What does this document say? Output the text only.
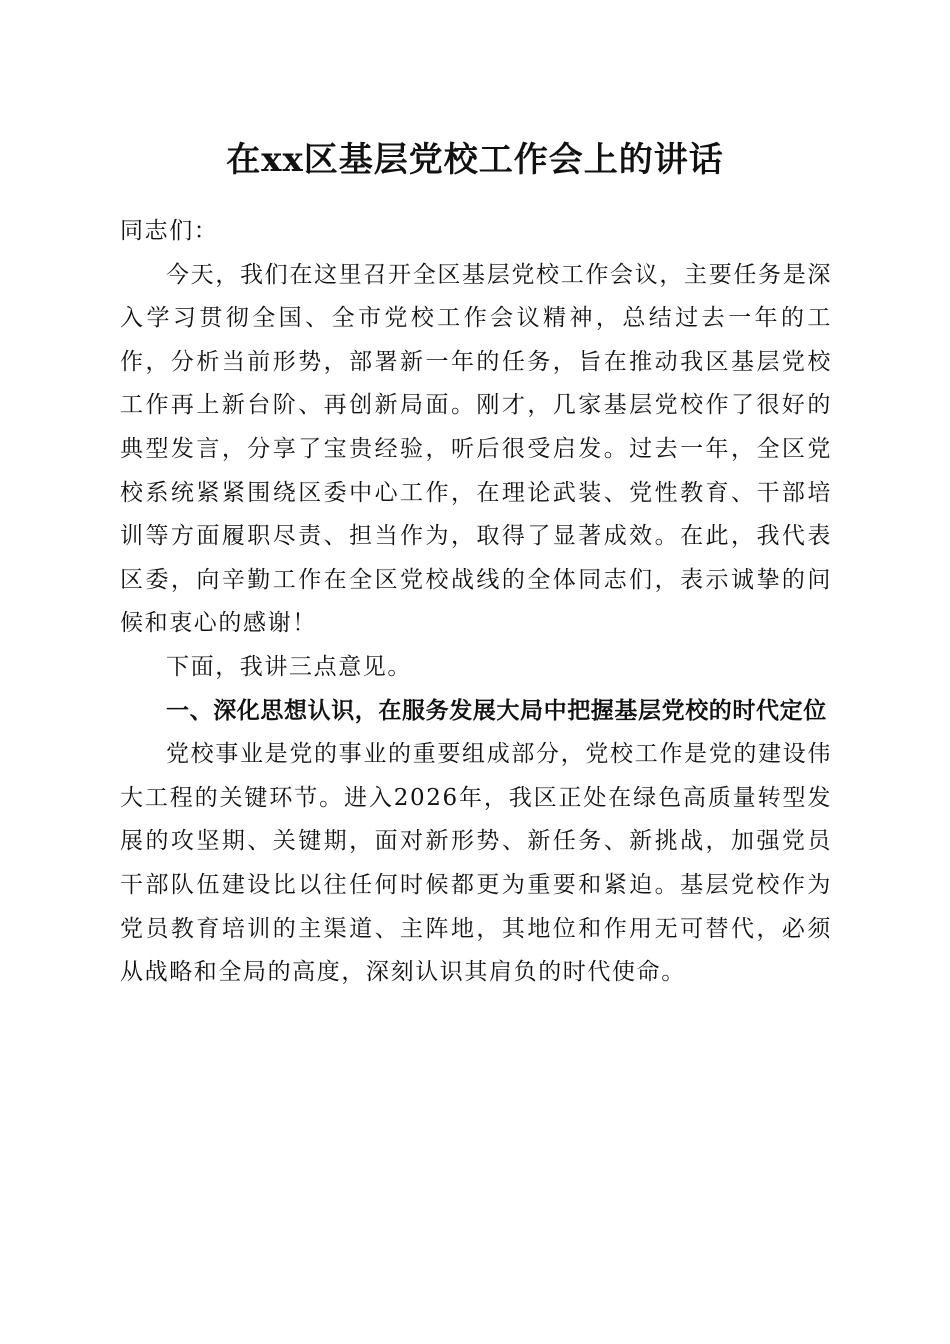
在xx区基层党校工作会上的讲话

同志们：

今天，我们在这里召开全区基层党校工作会议，主要任务是深入学习贯彻全国、全市党校工作会议精神，总结过去一年的工作，分析当前形势，部署新一年的任务，旨在推动我区基层党校工作再上新台阶、再创新局面。刚才，几家基层党校作了很好的典型发言，分享了宝贵经验，听后很受启发。过去一年，全区党校系统紧紧围绕区委中心工作，在理论武装、党性教育、干部培训等方面履职尽责、担当作为，取得了显著成效。在此，我代表区委，向辛勤工作在全区党校战线的全体同志们，表示诚挚的问候和衷心的感谢！

下面，我讲三点意见。

一、深化思想认识，在服务发展大局中把握基层党校的时代定位

党校事业是党的事业的重要组成部分，党校工作是党的建设伟大工程的关键环节。进入2026年，我区正处在绿色高质量转型发展的攻坚期、关键期，面对新形势、新任务、新挑战，加强党员干部队伍建设比以往任何时候都更为重要和紧迫。基层党校作为党员教育培训的主渠道、主阵地，其地位和作用无可替代，必须从战略和全局的高度，深刻认识其肩负的时代使命。
